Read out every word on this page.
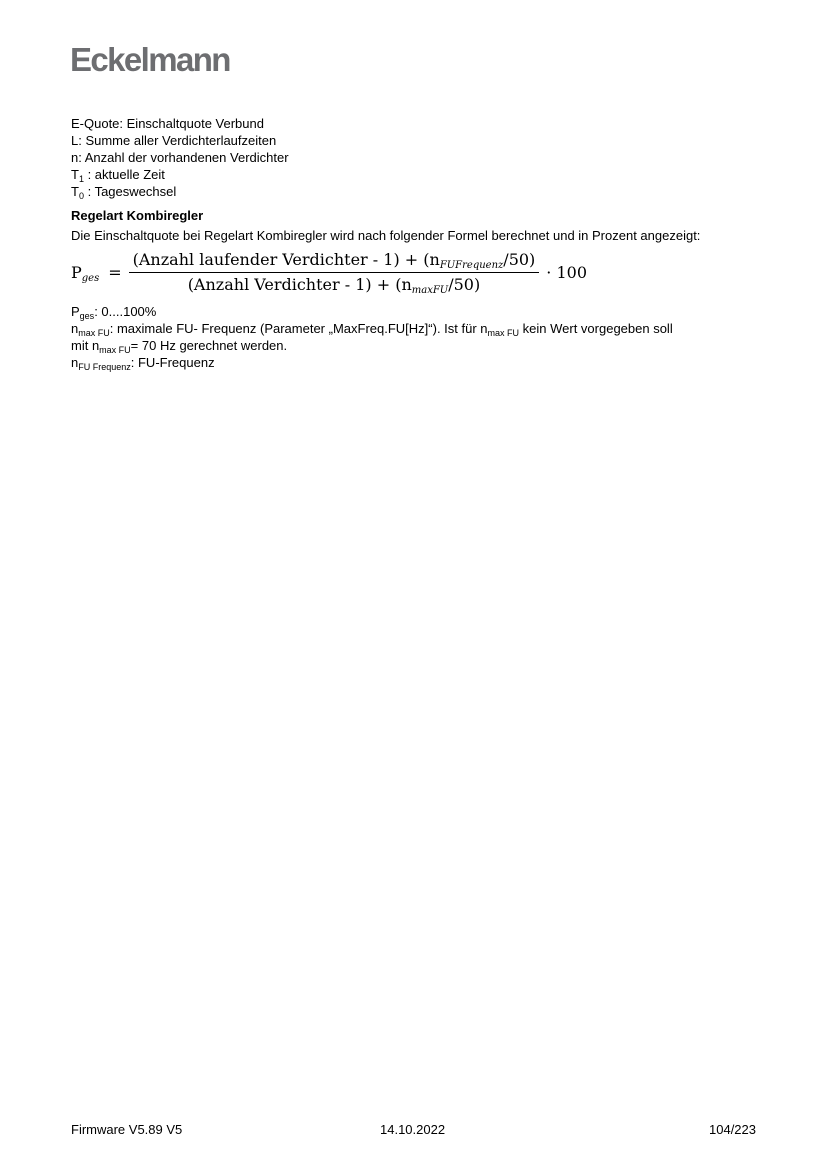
Eckelmann

E-Quote: Einschaltquote Verbund

L: Summe aller Verdichterlaufzeiten

n: Anzahl der vorhandenen Verdichter

$T_1$ : aktuelle Zeit

$T_0$ : Tageswechsel

Regelart Kombiregler

Die Einschaltquote bei Regelart Kombiregler wird nach folgender Formel berechnet und in Prozent angezeigt:

$P_{ges} = \frac{(Anzahl laufender Verdichter - 1) + (n_{FUFrequenz}/50)}{(Anzahl Verdichter - 1) + (n_{maxFU}/50)} \cdot 100$

$P_{ges}$: 0....100%

$n_{max FU}$: maximale FU- Frequenz (Parameter „MaxFreq.FU[Hz]“). Ist für $n_{max FU}$ kein Wert vorgegeben soll

mit $n_{max FU}= 70$ Hz gerechnet werden.

$n_{FU Frequenz}$: FU-Frequenz

Firmware V5.89 V5	14.10.2022	104/223
